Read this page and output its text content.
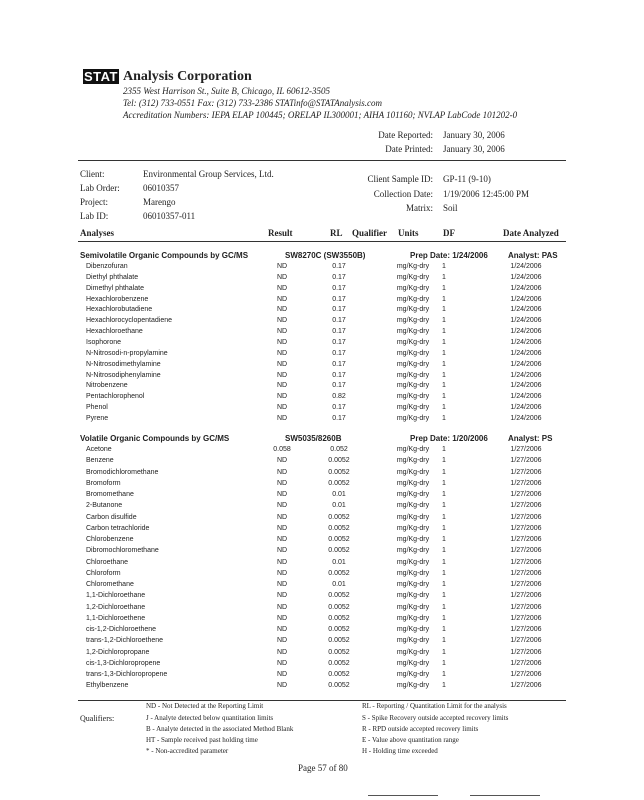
STAT Analysis Corporation
2355 West Harrison St., Suite B, Chicago, IL 60612-3505
Tel: (312) 733-0551 Fax: (312) 733-2386 STATinfo@STATAnalysis.com
Accreditation Numbers: IEPA ELAP 100445; ORELAP IL300001; AIHA 101160; NVLAP LabCode 101202-0
Date Reported: January 30, 2006
Date Printed: January 30, 2006
Client:	Environmental Group Services, Ltd.
Lab Order:	06010357
Project:	Marengo
Lab ID:	06010357-011
Client Sample ID: GP-11 (9-10)
Collection Date: 1/19/2006 12:45:00 PM
Matrix: Soil
Analyses	Result	RL Qualifier Units	DF	Date Analyzed
Semivolatile Organic Compounds by GC/MS	SW8270C (SW3550B)	Prep Date: 1/24/2006	Analyst: PAS
Dibenzofuran	ND	0.17	mg/Kg-dry	1	1/24/2006
Diethyl phthalate	ND	0.17	mg/Kg-dry	1	1/24/2006
Dimethyl phthalate	ND	0.17	mg/Kg-dry	1	1/24/2006
Hexachlorobenzene	ND	0.17	mg/Kg-dry	1	1/24/2006
Hexachlorobutadiene	ND	0.17	mg/Kg-dry	1	1/24/2006
Hexachlorocyclopentadiene	ND	0.17	mg/Kg-dry	1	1/24/2006
Hexachloroethane	ND	0.17	mg/Kg-dry	1	1/24/2006
Isophorone	ND	0.17	mg/Kg-dry	1	1/24/2006
N-Nitrosodi-n-propylamine	ND	0.17	mg/Kg-dry	1	1/24/2006
N-Nitrosodimethylamine	ND	0.17	mg/Kg-dry	1	1/24/2006
N-Nitrosodiphenylamine	ND	0.17	mg/Kg-dry	1	1/24/2006
Nitrobenzene	ND	0.17	mg/Kg-dry	1	1/24/2006
Pentachlorophenol	ND	0.82	mg/Kg-dry	1	1/24/2006
Phenol	ND	0.17	mg/Kg-dry	1	1/24/2006
Pyrene	ND	0.17	mg/Kg-dry	1	1/24/2006
Volatile Organic Compounds by GC/MS	SW5035/8260B	Prep Date: 1/20/2006	Analyst: PS
Acetone	0.058	0.052	mg/Kg-dry	1	1/27/2006
Benzene	ND	0.0052	mg/Kg-dry	1	1/27/2006
Bromodichloromethane	ND	0.0052	mg/Kg-dry	1	1/27/2006
Bromoform	ND	0.0052	mg/Kg-dry	1	1/27/2006
Bromomethane	ND	0.01	mg/Kg-dry	1	1/27/2006
2-Butanone	ND	0.01	mg/Kg-dry	1	1/27/2006
Carbon disulfide	ND	0.0052	mg/Kg-dry	1	1/27/2006
Carbon tetrachloride	ND	0.0052	mg/Kg-dry	1	1/27/2006
Chlorobenzene	ND	0.0052	mg/Kg-dry	1	1/27/2006
Dibromochloromethane	ND	0.0052	mg/Kg-dry	1	1/27/2006
Chloroethane	ND	0.01	mg/Kg-dry	1	1/27/2006
Chloroform	ND	0.0052	mg/Kg-dry	1	1/27/2006
Chloromethane	ND	0.01	mg/Kg-dry	1	1/27/2006
1,1-Dichloroethane	ND	0.0052	mg/Kg-dry	1	1/27/2006
1,2-Dichloroethane	ND	0.0052	mg/Kg-dry	1	1/27/2006
1,1-Dichloroethene	ND	0.0052	mg/Kg-dry	1	1/27/2006
cis-1,2-Dichloroethene	ND	0.0052	mg/Kg-dry	1	1/27/2006
trans-1,2-Dichloroethene	ND	0.0052	mg/Kg-dry	1	1/27/2006
1,2-Dichloropropane	ND	0.0052	mg/Kg-dry	1	1/27/2006
cis-1,3-Dichloropropene	ND	0.0052	mg/Kg-dry	1	1/27/2006
trans-1,3-Dichloropropene	ND	0.0052	mg/Kg-dry	1	1/27/2006
Ethylbenzene	ND	0.0052	mg/Kg-dry	1	1/27/2006
Qualifiers:
ND - Not Detected at the Reporting Limit
J - Analyte detected below quantitation limits
B - Analyte detected in the associated Method Blank
HT - Sample received past holding time
* - Non-accredited parameter
RL - Reporting / Quantitation Limit for the analysis
S - Spike Recovery outside accepted recovery limits
R - RPD outside accepted recovery limits
E - Value above quantitation range
H - Holding time exceeded
Page 57 of 80
